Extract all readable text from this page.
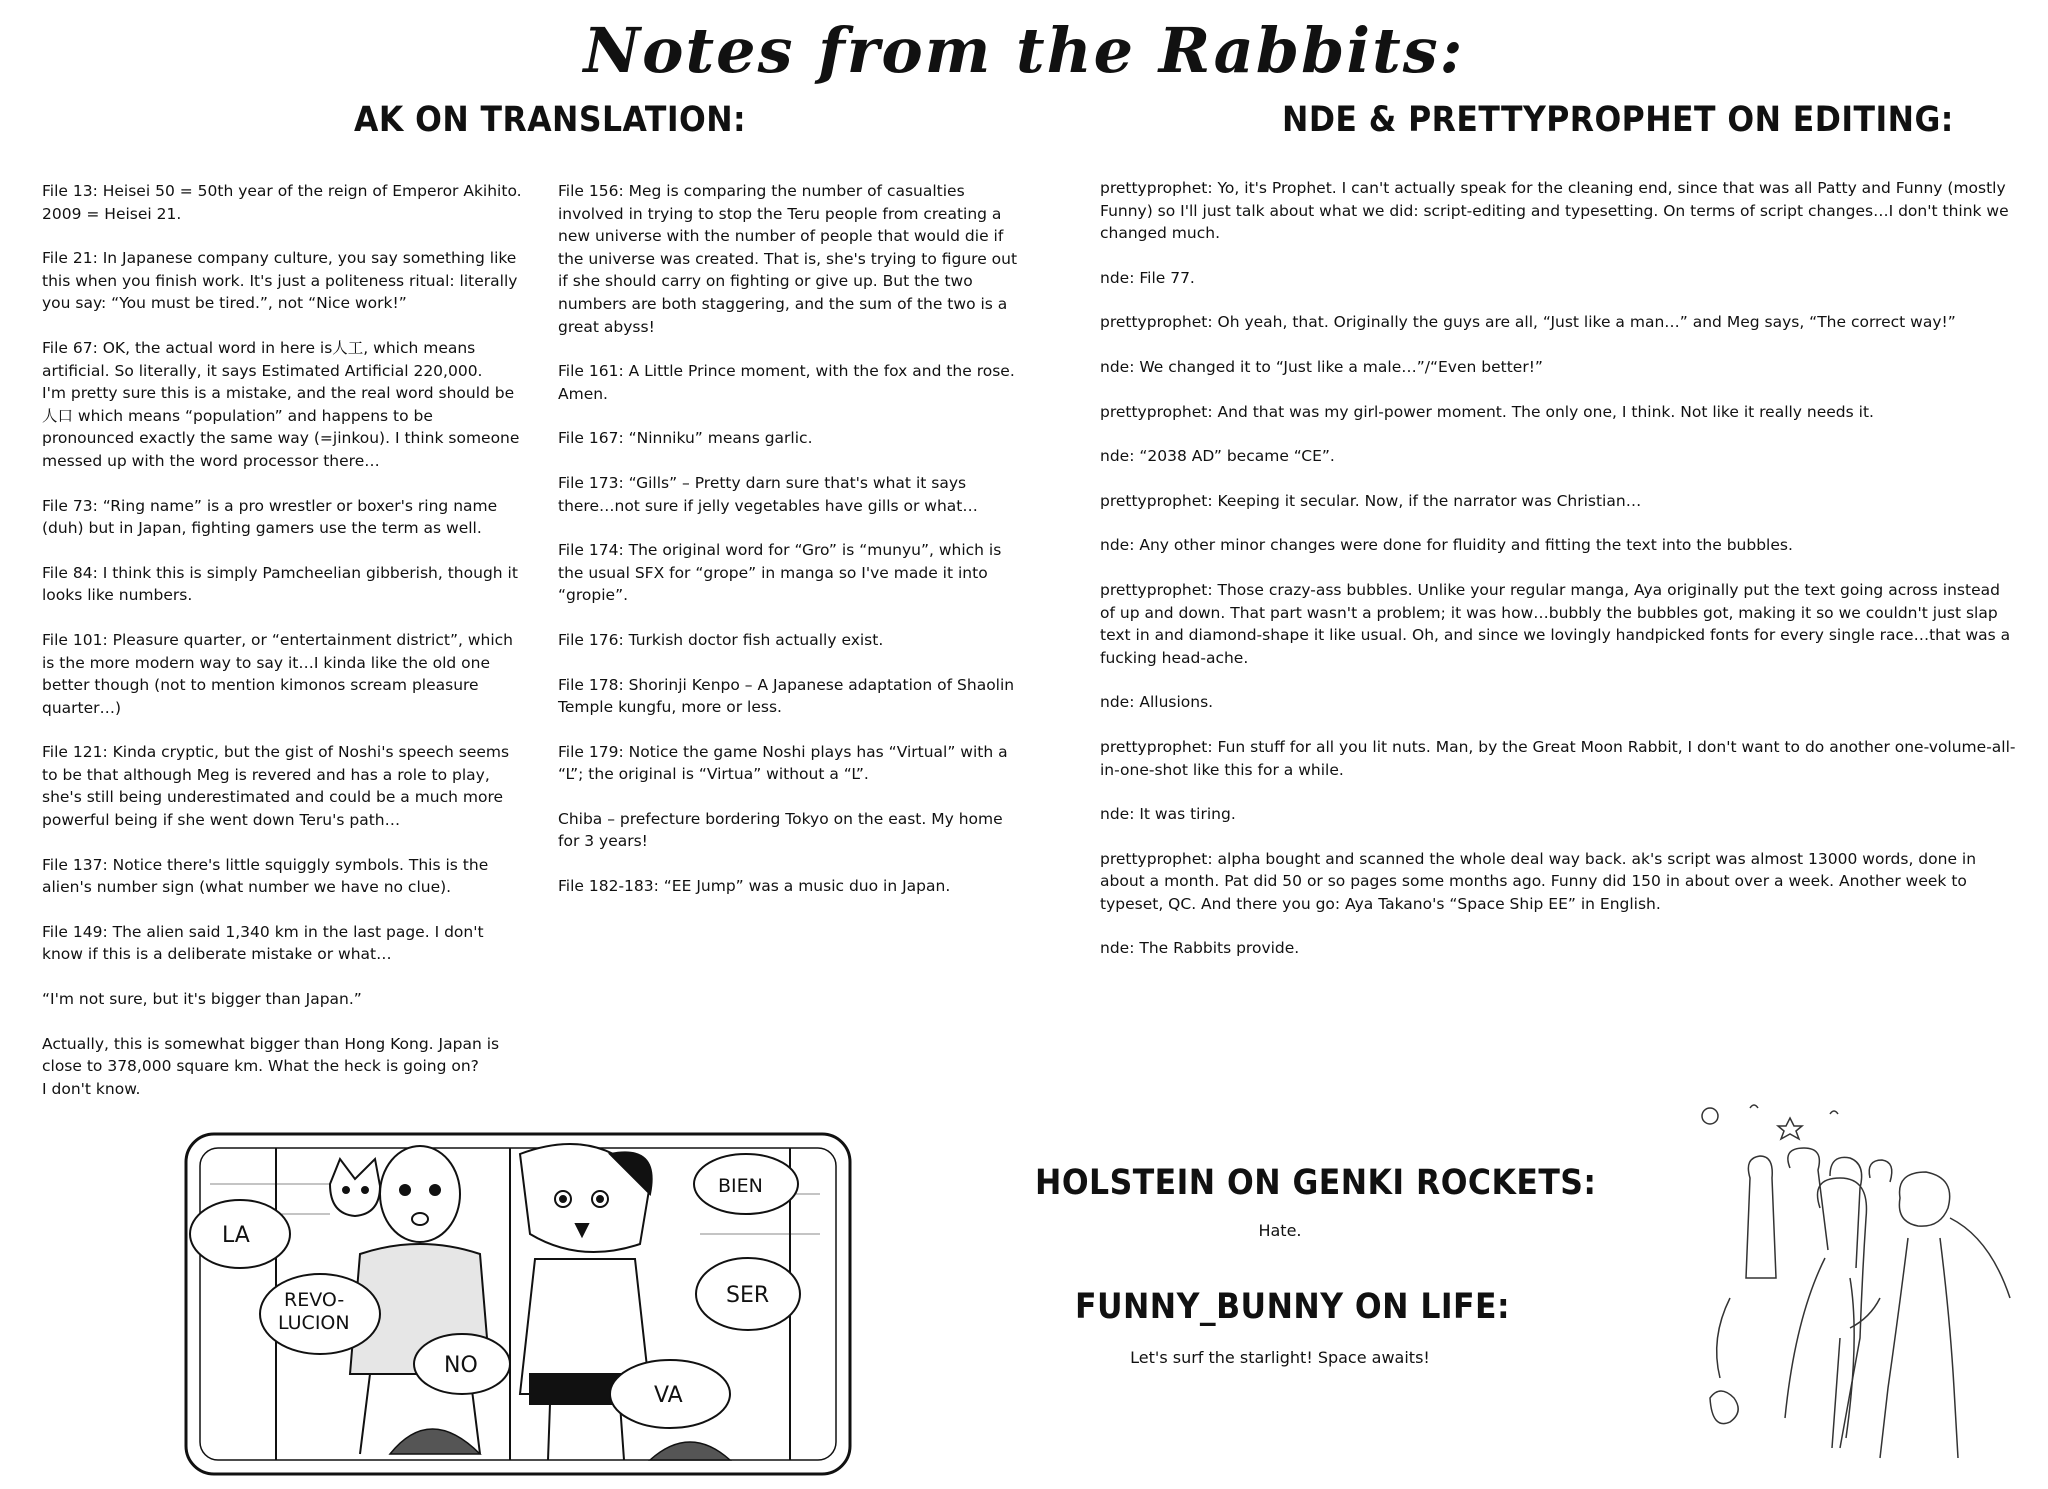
Notes from the Rabbits:
AK ON TRANSLATION:

File 13: Heisei 50 = 50th year of the reign of Emperor Akihito. 2009 = Heisei 21.

File 21: In Japanese company culture, you say something like this when you finish work. It's just a politeness ritual: literally you say: “You must be tired.”, not “Nice work!”

File 67: OK, the actual word in here is人工, which means artificial. So literally, it says Estimated Artificial 220,000.
I'm pretty sure this is a mistake, and the real word should be 人口 which means “population” and happens to be pronounced exactly the same way (=jinkou). I think someone messed up with the word processor there…

File 73: “Ring name” is a pro wrestler or boxer's ring name (duh) but in Japan, fighting gamers use the term as well.

File 84: I think this is simply Pamcheelian gibberish, though it looks like numbers.

File 101: Pleasure quarter, or “entertainment district”, which is the more modern way to say it…I kinda like the old one better though (not to mention kimonos scream pleasure quarter…)

File 121: Kinda cryptic, but the gist of Noshi's speech seems to be that although Meg is revered and has a role to play, she's still being underestimated and could be a much more powerful being if she went down Teru's path…

File 137: Notice there's little squiggly symbols. This is the alien's number sign (what number we have no clue).

File 149: The alien said 1,340 km in the last page. I don't know if this is a deliberate mistake or what…

“I'm not sure, but it's bigger than Japan.”

Actually, this is somewhat bigger than Hong Kong. Japan is close to 378,000 square km. What the heck is going on?
I don't know.

File 156: Meg is comparing the number of casualties involved in trying to stop the Teru people from creating a new universe with the number of people that would die if the universe was created. That is, she's trying to figure out if she should carry on fighting or give up. But the two numbers are both staggering, and the sum of the two is a great abyss!

File 161: A Little Prince moment, with the fox and the rose. Amen.

File 167: “Ninniku” means garlic.

File 173: “Gills” – Pretty darn sure that's what it says there…not sure if jelly vegetables have gills or what…

File 174: The original word for “Gro” is “munyu”, which is the usual SFX for “grope” in manga so I've made it into “gropie”.

File 176: Turkish doctor fish actually exist.

File 178: Shorinji Kenpo – A Japanese adaptation of Shaolin Temple kungfu, more or less.

File 179: Notice the game Noshi plays has “Virtual” with a “L”; the original is “Virtua” without a “L”.

Chiba – prefecture bordering Tokyo on the east. My home for 3 years!

File 182-183: “EE Jump” was a music duo in Japan.

NDE & PRETTYPROPHET ON EDITING:

prettyprophet: Yo, it's Prophet. I can't actually speak for the cleaning end, since that was all Patty and Funny (mostly Funny) so I'll just talk about what we did: script-editing and typesetting. On terms of script changes…I don't think we changed much.

nde: File 77.

prettyprophet: Oh yeah, that. Originally the guys are all, “Just like a man…” and Meg says, “The correct way!”

nde: We changed it to “Just like a male…”/“Even better!”

prettyprophet: And that was my girl-power moment. The only one, I think. Not like it really needs it.

nde: “2038 AD” became “CE”.

prettyprophet: Keeping it secular. Now, if the narrator was Christian…

nde: Any other minor changes were done for fluidity and fitting the text into the bubbles.

prettyprophet: Those crazy-ass bubbles. Unlike your regular manga, Aya originally put the text going across instead of up and down. That part wasn't a problem; it was how…bubbly the bubbles got, making it so we couldn't just slap text in and diamond-shape it like usual. Oh, and since we lovingly handpicked fonts for every single race…that was a fucking head-ache.

nde: Allusions.

prettyprophet: Fun stuff for all you lit nuts. Man, by the Great Moon Rabbit, I don't want to do another one-volume-all-in-one-shot like this for a while.

nde: It was tiring.

prettyprophet: alpha bought and scanned the whole deal way back. ak's script was almost 13000 words, done in about a month. Pat did 50 or so pages some months ago. Funny did 150 in about over a week. Another week to typeset, QC. And there you go: Aya Takano's “Space Ship EE” in English.

nde: The Rabbits provide.

HOLSTEIN ON GENKI ROCKETS:
Hate.
FUNNY_BUNNY ON LIFE:
Let's surf the starlight! Space awaits!
LA
REVO-
LUCION
NO
BIEN
SER
VA
